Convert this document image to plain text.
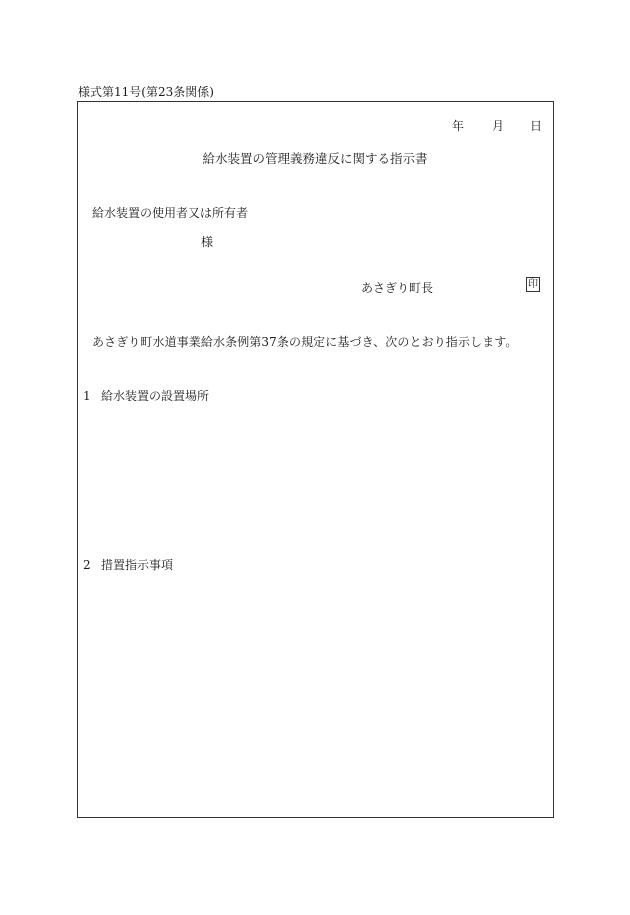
様式第11号(第23条関係)
年 月 日
給水装置の管理義務違反に関する指示書
給水装置の使用者又は所有者
様
あさぎり町長	印
あさぎり町水道事業給水条例第37条の規定に基づき、次のとおり指示します。
1 給水装置の設置場所
2 措置指示事項
